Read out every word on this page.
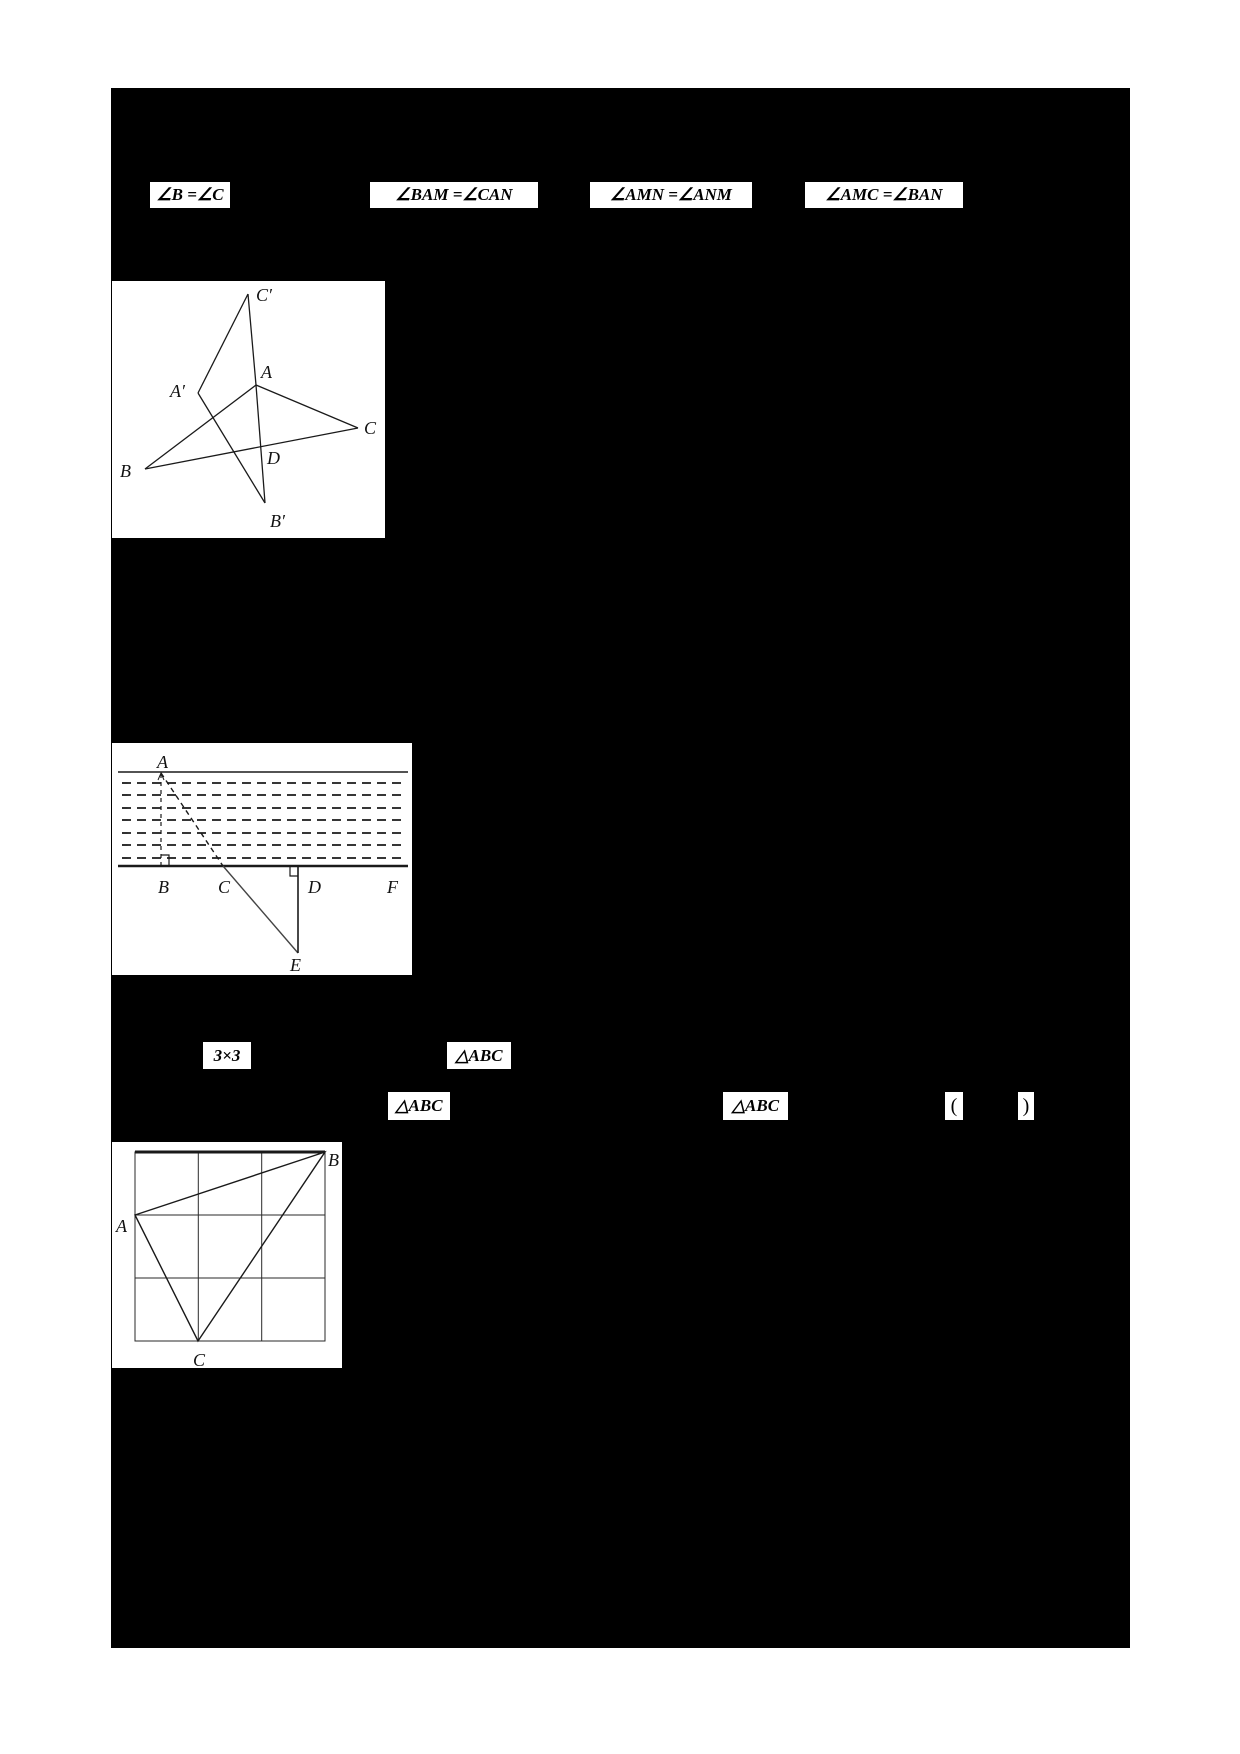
∠B =∠C	∠BAM =∠CAN	∠AMN =∠ANM	∠AMC =∠BAN
C′
A
A′
C
B
D
B′
A
B	C	D	F
E
3×3	△ABC
△ABC	△ABC	(	)
A
B
C
